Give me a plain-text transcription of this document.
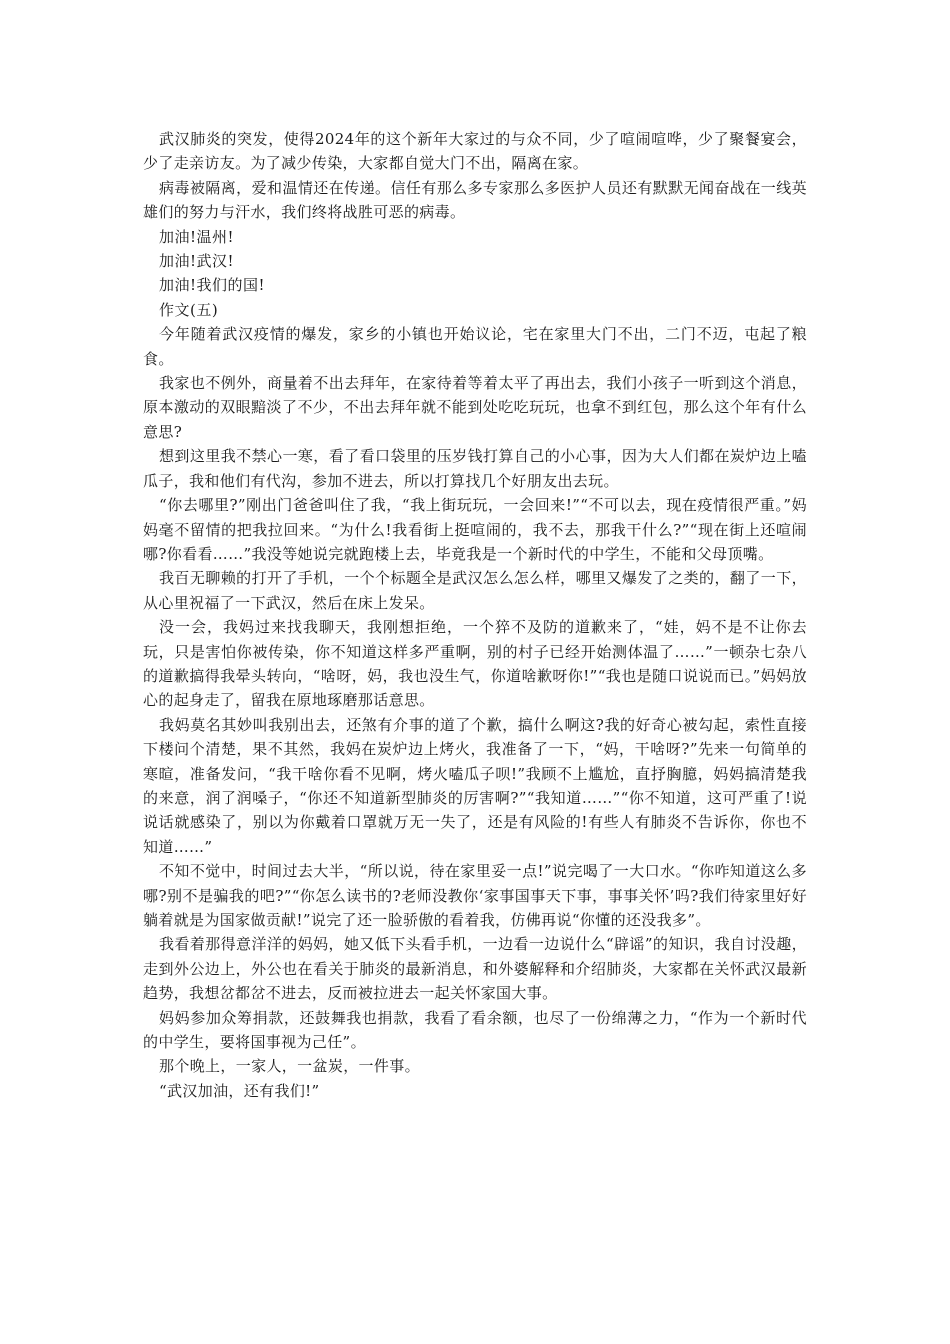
武汉肺炎的突发，使得2024年的这个新年大家过的与众不同，少了喧闹喧哗，少了聚餐宴会，少了走亲访友。为了减少传染，大家都自觉大门不出，隔离在家。

病毒被隔离，爱和温情还在传递。信任有那么多专家那么多医护人员还有默默无闻奋战在一线英雄们的努力与汗水，我们终将战胜可恶的病毒。

加油!温州!

加油!武汉!

加油!我们的国!

作文(五)

今年随着武汉疫情的爆发，家乡的小镇也开始议论，宅在家里大门不出，二门不迈，屯起了粮食。

我家也不例外，商量着不出去拜年，在家待着等着太平了再出去，我们小孩子一听到这个消息，原本激动的双眼黯淡了不少，不出去拜年就不能到处吃吃玩玩，也拿不到红包，那么这个年有什么意思?

想到这里我不禁心一寒，看了看口袋里的压岁钱打算自己的小心事，因为大人们都在炭炉边上嗑瓜子，我和他们有代沟，参加不进去，所以打算找几个好朋友出去玩。

“你去哪里?”刚出门爸爸叫住了我，“我上街玩玩，一会回来!”“不可以去，现在疫情很严重。”妈妈毫不留情的把我拉回来。“为什么!我看街上挺喧闹的，我不去，那我干什么?”“现在街上还喧闹哪?你看看……”我没等她说完就跑楼上去，毕竟我是一个新时代的中学生，不能和父母顶嘴。

我百无聊赖的打开了手机，一个个标题全是武汉怎么怎么样，哪里又爆发了之类的，翻了一下，从心里祝福了一下武汉，然后在床上发呆。

没一会，我妈过来找我聊天，我刚想拒绝，一个猝不及防的道歉来了，“娃，妈不是不让你去玩，只是害怕你被传染，你不知道这样多严重啊，别的村子已经开始测体温了……”一顿杂七杂八的道歉搞得我晕头转向，“啥呀，妈，我也没生气，你道啥歉呀你!”“我也是随口说说而已。”妈妈放心的起身走了，留我在原地琢磨那话意思。

我妈莫名其妙叫我别出去，还煞有介事的道了个歉，搞什么啊这?我的好奇心被勾起，索性直接下楼问个清楚，果不其然，我妈在炭炉边上烤火，我准备了一下，“妈，干啥呀?”先来一句简单的寒暄，准备发问，“我干啥你看不见啊，烤火嗑瓜子呗!”我顾不上尴尬，直抒胸臆，妈妈搞清楚我的来意，润了润嗓子，“你还不知道新型肺炎的厉害啊?”“我知道……”“你不知道，这可严重了!说说话就感染了，别以为你戴着口罩就万无一失了，还是有风险的!有些人有肺炎不告诉你，你也不知道……”

不知不觉中，时间过去大半，“所以说，待在家里妥一点!”说完喝了一大口水。“你咋知道这么多哪?别不是骗我的吧?”“你怎么读书的?老师没教你‘家事国事天下事，事事关怀’吗?我们待家里好好躺着就是为国家做贡献!”说完了还一脸骄傲的看着我，仿佛再说“你懂的还没我多”。

我看着那得意洋洋的妈妈，她又低下头看手机，一边看一边说什么“辟谣”的知识，我自讨没趣，走到外公边上，外公也在看关于肺炎的最新消息，和外婆解释和介绍肺炎，大家都在关怀武汉最新趋势，我想岔都岔不进去，反而被拉进去一起关怀家国大事。

妈妈参加众筹捐款，还鼓舞我也捐款，我看了看余额，也尽了一份绵薄之力，“作为一个新时代的中学生，要将国事视为己任”。

那个晚上，一家人，一盆炭，一件事。

“武汉加油，还有我们!”
